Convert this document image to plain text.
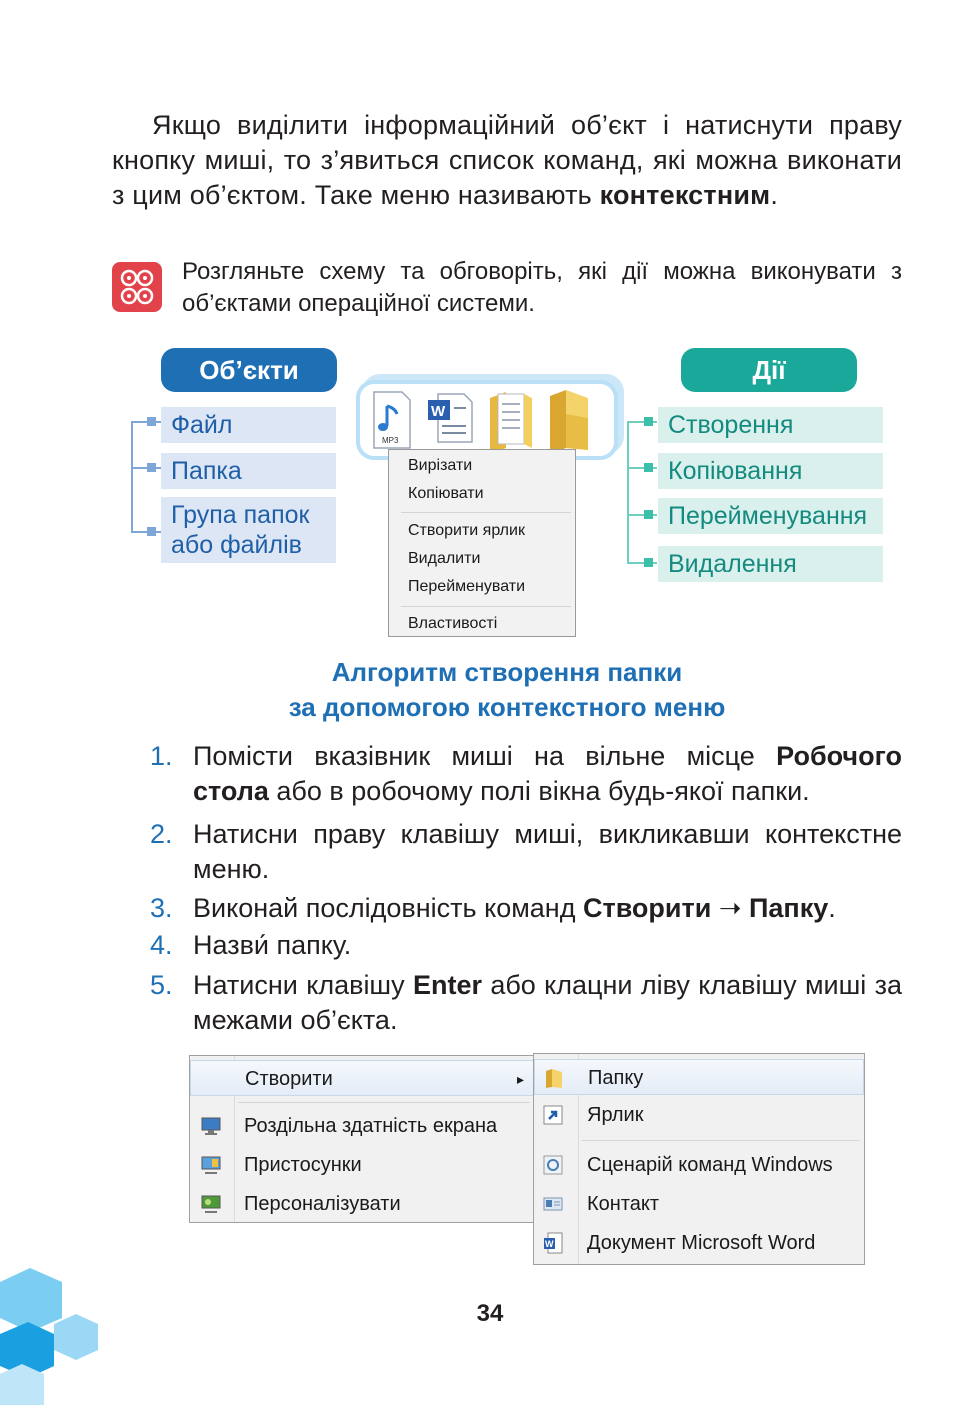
Якщо виділити інформаційний об’єкт і натиснути праву кнопку миші, то з’явиться список команд, які можна виконати з цим об’єктом. Таке меню називають контекстним.
Розгляньте схему та обговоріть, які дії можна виконувати з об’єктами операційної системи.
Об’єкти
Файл
Папка
Група папок
або файлів
MP3
W
Вирізати
Копіювати
Створити ярлик
Видалити
Перейменувати
Властивості
Дії
Створення
Копіювання
Перейменування
Видалення
Алгоритм створення папки
за допомогою контекстного меню
1. Помісти вказівник миші на вільне місце Робочого стола або в робочому полі вікна будь-якої папки.
2. Натисни праву клавішу миші, викликавши контекстне меню.
3. Виконай послідовність команд Створити ➝ Папку.
4. Назви́ папку.
5. Натисни клавішу Enter або клацни ліву клавішу миші за межами об’єкта.
Створити	▸
Роздільна здатність екрана
Пристосунки
Персоналізувати
Папку
Ярлик
Сценарій команд Windows
Контакт
W Документ Microsoft Word
34
